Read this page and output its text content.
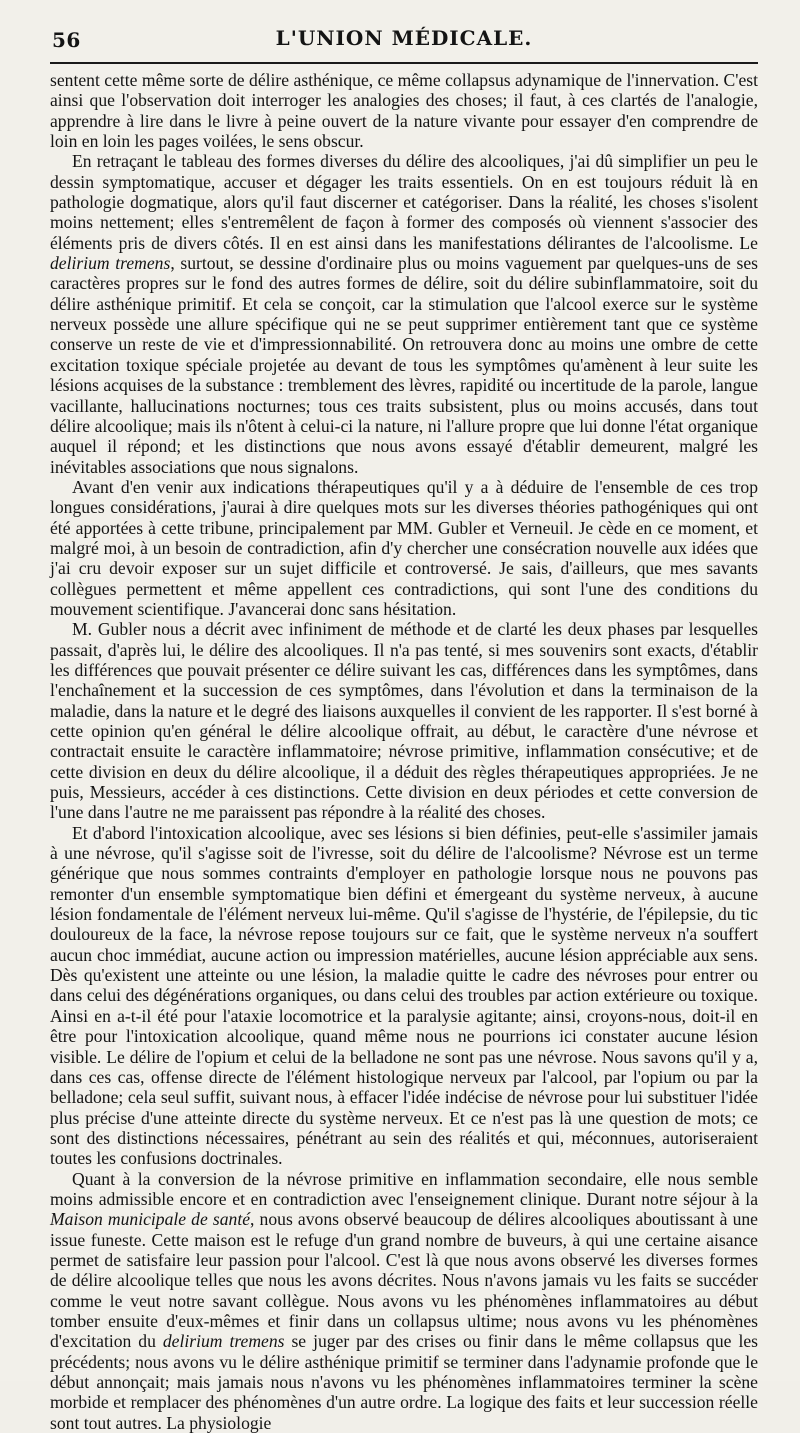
56	L'UNION MÉDICALE.

sentent cette même sorte de délire asthénique, ce même collapsus adynamique de l'innervation. C'est ainsi que l'observation doit interroger les analogies des choses; il faut, à ces clartés de l'analogie, apprendre à lire dans le livre à peine ouvert de la nature vivante pour essayer d'en comprendre de loin en loin les pages voilées, le sens obscur.

En retraçant le tableau des formes diverses du délire des alcooliques, j'ai dû simplifier un peu le dessin symptomatique, accuser et dégager les traits essentiels. On en est toujours réduit là en pathologie dogmatique, alors qu'il faut discerner et catégoriser. Dans la réalité, les choses s'isolent moins nettement; elles s'entremêlent de façon à former des composés où viennent s'associer des éléments pris de divers côtés. Il en est ainsi dans les manifestations délirantes de l'alcoolisme. Le delirium tremens, surtout, se dessine d'ordinaire plus ou moins vaguement par quelques-uns de ses caractères propres sur le fond des autres formes de délire, soit du délire subinflammatoire, soit du délire asthénique primitif. Et cela se conçoit, car la stimulation que l'alcool exerce sur le système nerveux possède une allure spécifique qui ne se peut supprimer entièrement tant que ce système conserve un reste de vie et d'impressionnabilité. On retrouvera donc au moins une ombre de cette excitation toxique spéciale projetée au devant de tous les symptômes qu'amènent à leur suite les lésions acquises de la substance : tremblement des lèvres, rapidité ou incertitude de la parole, langue vacillante, hallucinations nocturnes; tous ces traits subsistent, plus ou moins accusés, dans tout délire alcoolique; mais ils n'ôtent à celui-ci la nature, ni l'allure propre que lui donne l'état organique auquel il répond; et les distinctions que nous avons essayé d'établir demeurent, malgré les inévitables associations que nous signalons.

Avant d'en venir aux indications thérapeutiques qu'il y a à déduire de l'ensemble de ces trop longues considérations, j'aurai à dire quelques mots sur les diverses théories pathogéniques qui ont été apportées à cette tribune, principalement par MM. Gubler et Verneuil. Je cède en ce moment, et malgré moi, à un besoin de contradiction, afin d'y chercher une consécration nouvelle aux idées que j'ai cru devoir exposer sur un sujet difficile et controversé. Je sais, d'ailleurs, que mes savants collègues permettent et même appellent ces contradictions, qui sont l'une des conditions du mouvement scientifique. J'avancerai donc sans hésitation.

M. Gubler nous a décrit avec infiniment de méthode et de clarté les deux phases par lesquelles passait, d'après lui, le délire des alcooliques. Il n'a pas tenté, si mes souvenirs sont exacts, d'établir les différences que pouvait présenter ce délire suivant les cas, différences dans les symptômes, dans l'enchaînement et la succession de ces symptômes, dans l'évolution et dans la terminaison de la maladie, dans la nature et le degré des liaisons auxquelles il convient de les rapporter. Il s'est borné à cette opinion qu'en général le délire alcoolique offrait, au début, le caractère d'une névrose et contractait ensuite le caractère inflammatoire; névrose primitive, inflammation consécutive; et de cette division en deux du délire alcoolique, il a déduit des règles thérapeutiques appropriées. Je ne puis, Messieurs, accéder à ces distinctions. Cette division en deux périodes et cette conversion de l'une dans l'autre ne me paraissent pas répondre à la réalité des choses.

Et d'abord l'intoxication alcoolique, avec ses lésions si bien définies, peut-elle s'assimiler jamais à une névrose, qu'il s'agisse soit de l'ivresse, soit du délire de l'alcoolisme? Névrose est un terme générique que nous sommes contraints d'employer en pathologie lorsque nous ne pouvons pas remonter d'un ensemble symptomatique bien défini et émergeant du système nerveux, à aucune lésion fondamentale de l'élément nerveux lui-même. Qu'il s'agisse de l'hystérie, de l'épilepsie, du tic douloureux de la face, la névrose repose toujours sur ce fait, que le système nerveux n'a souffert aucun choc immédiat, aucune action ou impression matérielles, aucune lésion appréciable aux sens. Dès qu'existent une atteinte ou une lésion, la maladie quitte le cadre des névroses pour entrer ou dans celui des dégénérations organiques, ou dans celui des troubles par action extérieure ou toxique. Ainsi en a-t-il été pour l'ataxie locomotrice et la paralysie agitante; ainsi, croyons-nous, doit-il en être pour l'intoxication alcoolique, quand même nous ne pourrions ici constater aucune lésion visible. Le délire de l'opium et celui de la belladone ne sont pas une névrose. Nous savons qu'il y a, dans ces cas, offense directe de l'élément histologique nerveux par l'alcool, par l'opium ou par la belladone; cela seul suffit, suivant nous, à effacer l'idée indécise de névrose pour lui substituer l'idée plus précise d'une atteinte directe du système nerveux. Et ce n'est pas là une question de mots; ce sont des distinctions nécessaires, pénétrant au sein des réalités et qui, méconnues, autoriseraient toutes les confusions doctrinales.

Quant à la conversion de la névrose primitive en inflammation secondaire, elle nous semble moins admissible encore et en contradiction avec l'enseignement clinique. Durant notre séjour à la Maison municipale de santé, nous avons observé beaucoup de délires alcooliques aboutissant à une issue funeste. Cette maison est le refuge d'un grand nombre de buveurs, à qui une certaine aisance permet de satisfaire leur passion pour l'alcool. C'est là que nous avons observé les diverses formes de délire alcoolique telles que nous les avons décrites. Nous n'avons jamais vu les faits se succéder comme le veut notre savant collègue. Nous avons vu les phénomènes inflammatoires au début tomber ensuite d'eux-mêmes et finir dans un collapsus ultime; nous avons vu les phénomènes d'excitation du delirium tremens se juger par des crises ou finir dans le même collapsus que les précédents; nous avons vu le délire asthénique primitif se terminer dans l'adynamie profonde que le début annonçait; mais jamais nous n'avons vu les phénomènes inflammatoires terminer la scène morbide et remplacer des phénomènes d'un autre ordre. La logique des faits et leur succession réelle sont tout autres. La physiologie
